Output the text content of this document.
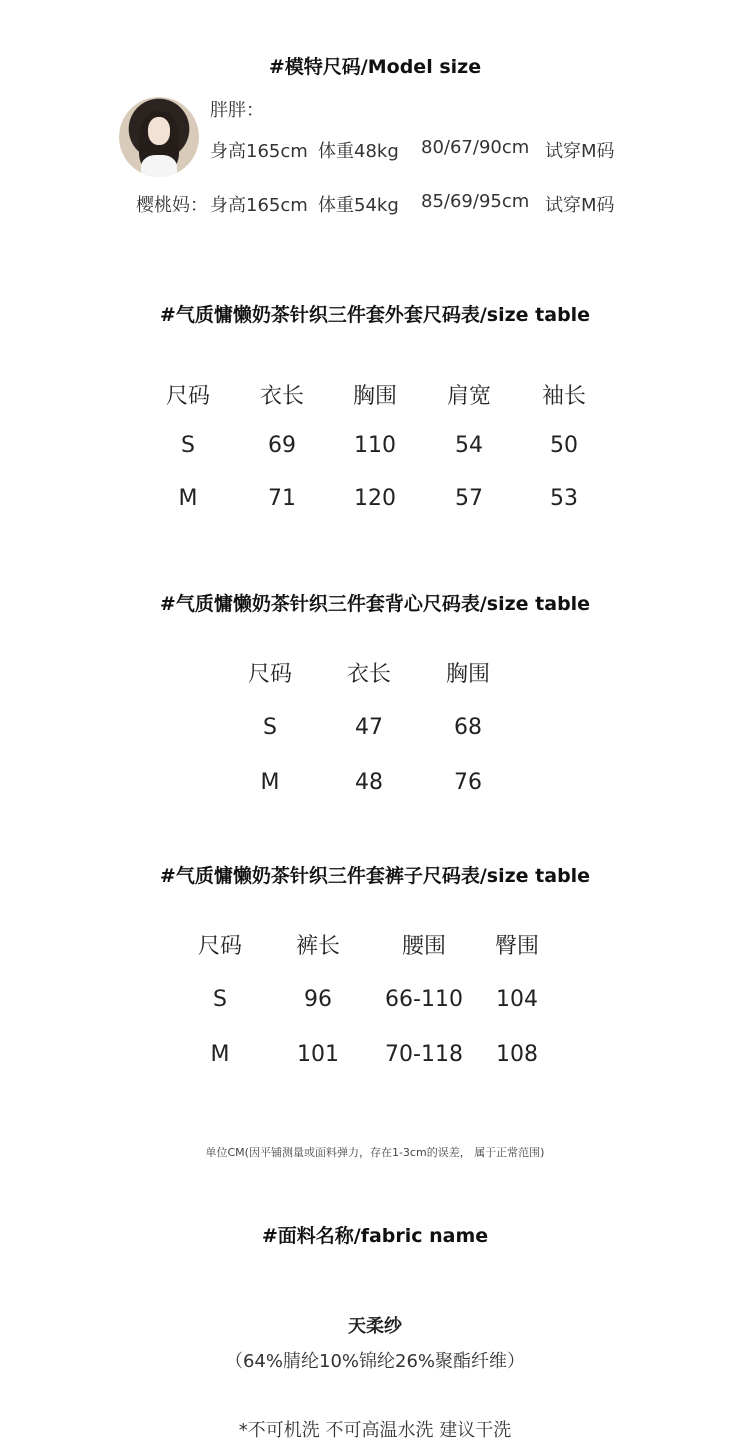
#模特尺码/Model size
胖胖：
身高165cm 体重48kg 80/67/90cm 试穿M码
樱桃妈： 身高165cm 体重54kg 85/69/95cm 试穿M码
#气质慵懒奶茶针织三件套外套尺码表/size table
尺码	衣长	胸围	肩宽	袖长
S	69	110	54	50
M	71	120	57	53
#气质慵懒奶茶针织三件套背心尺码表/size table
尺码	衣长	胸围
S	47	68
M	48	76
#气质慵懒奶茶针织三件套裤子尺码表/size table
尺码	裤长	腰围	臀围
S	96	66-110	104
M	101	70-118	108
单位CM(因平铺测量或面料弹力，存在1-3cm的误差， 属于正常范围)
#面料名称/fabric name
天柔纱
（64%腈纶10%锦纶26%聚酯纤维）
*不可机洗 不可高温水洗 建议干洗
